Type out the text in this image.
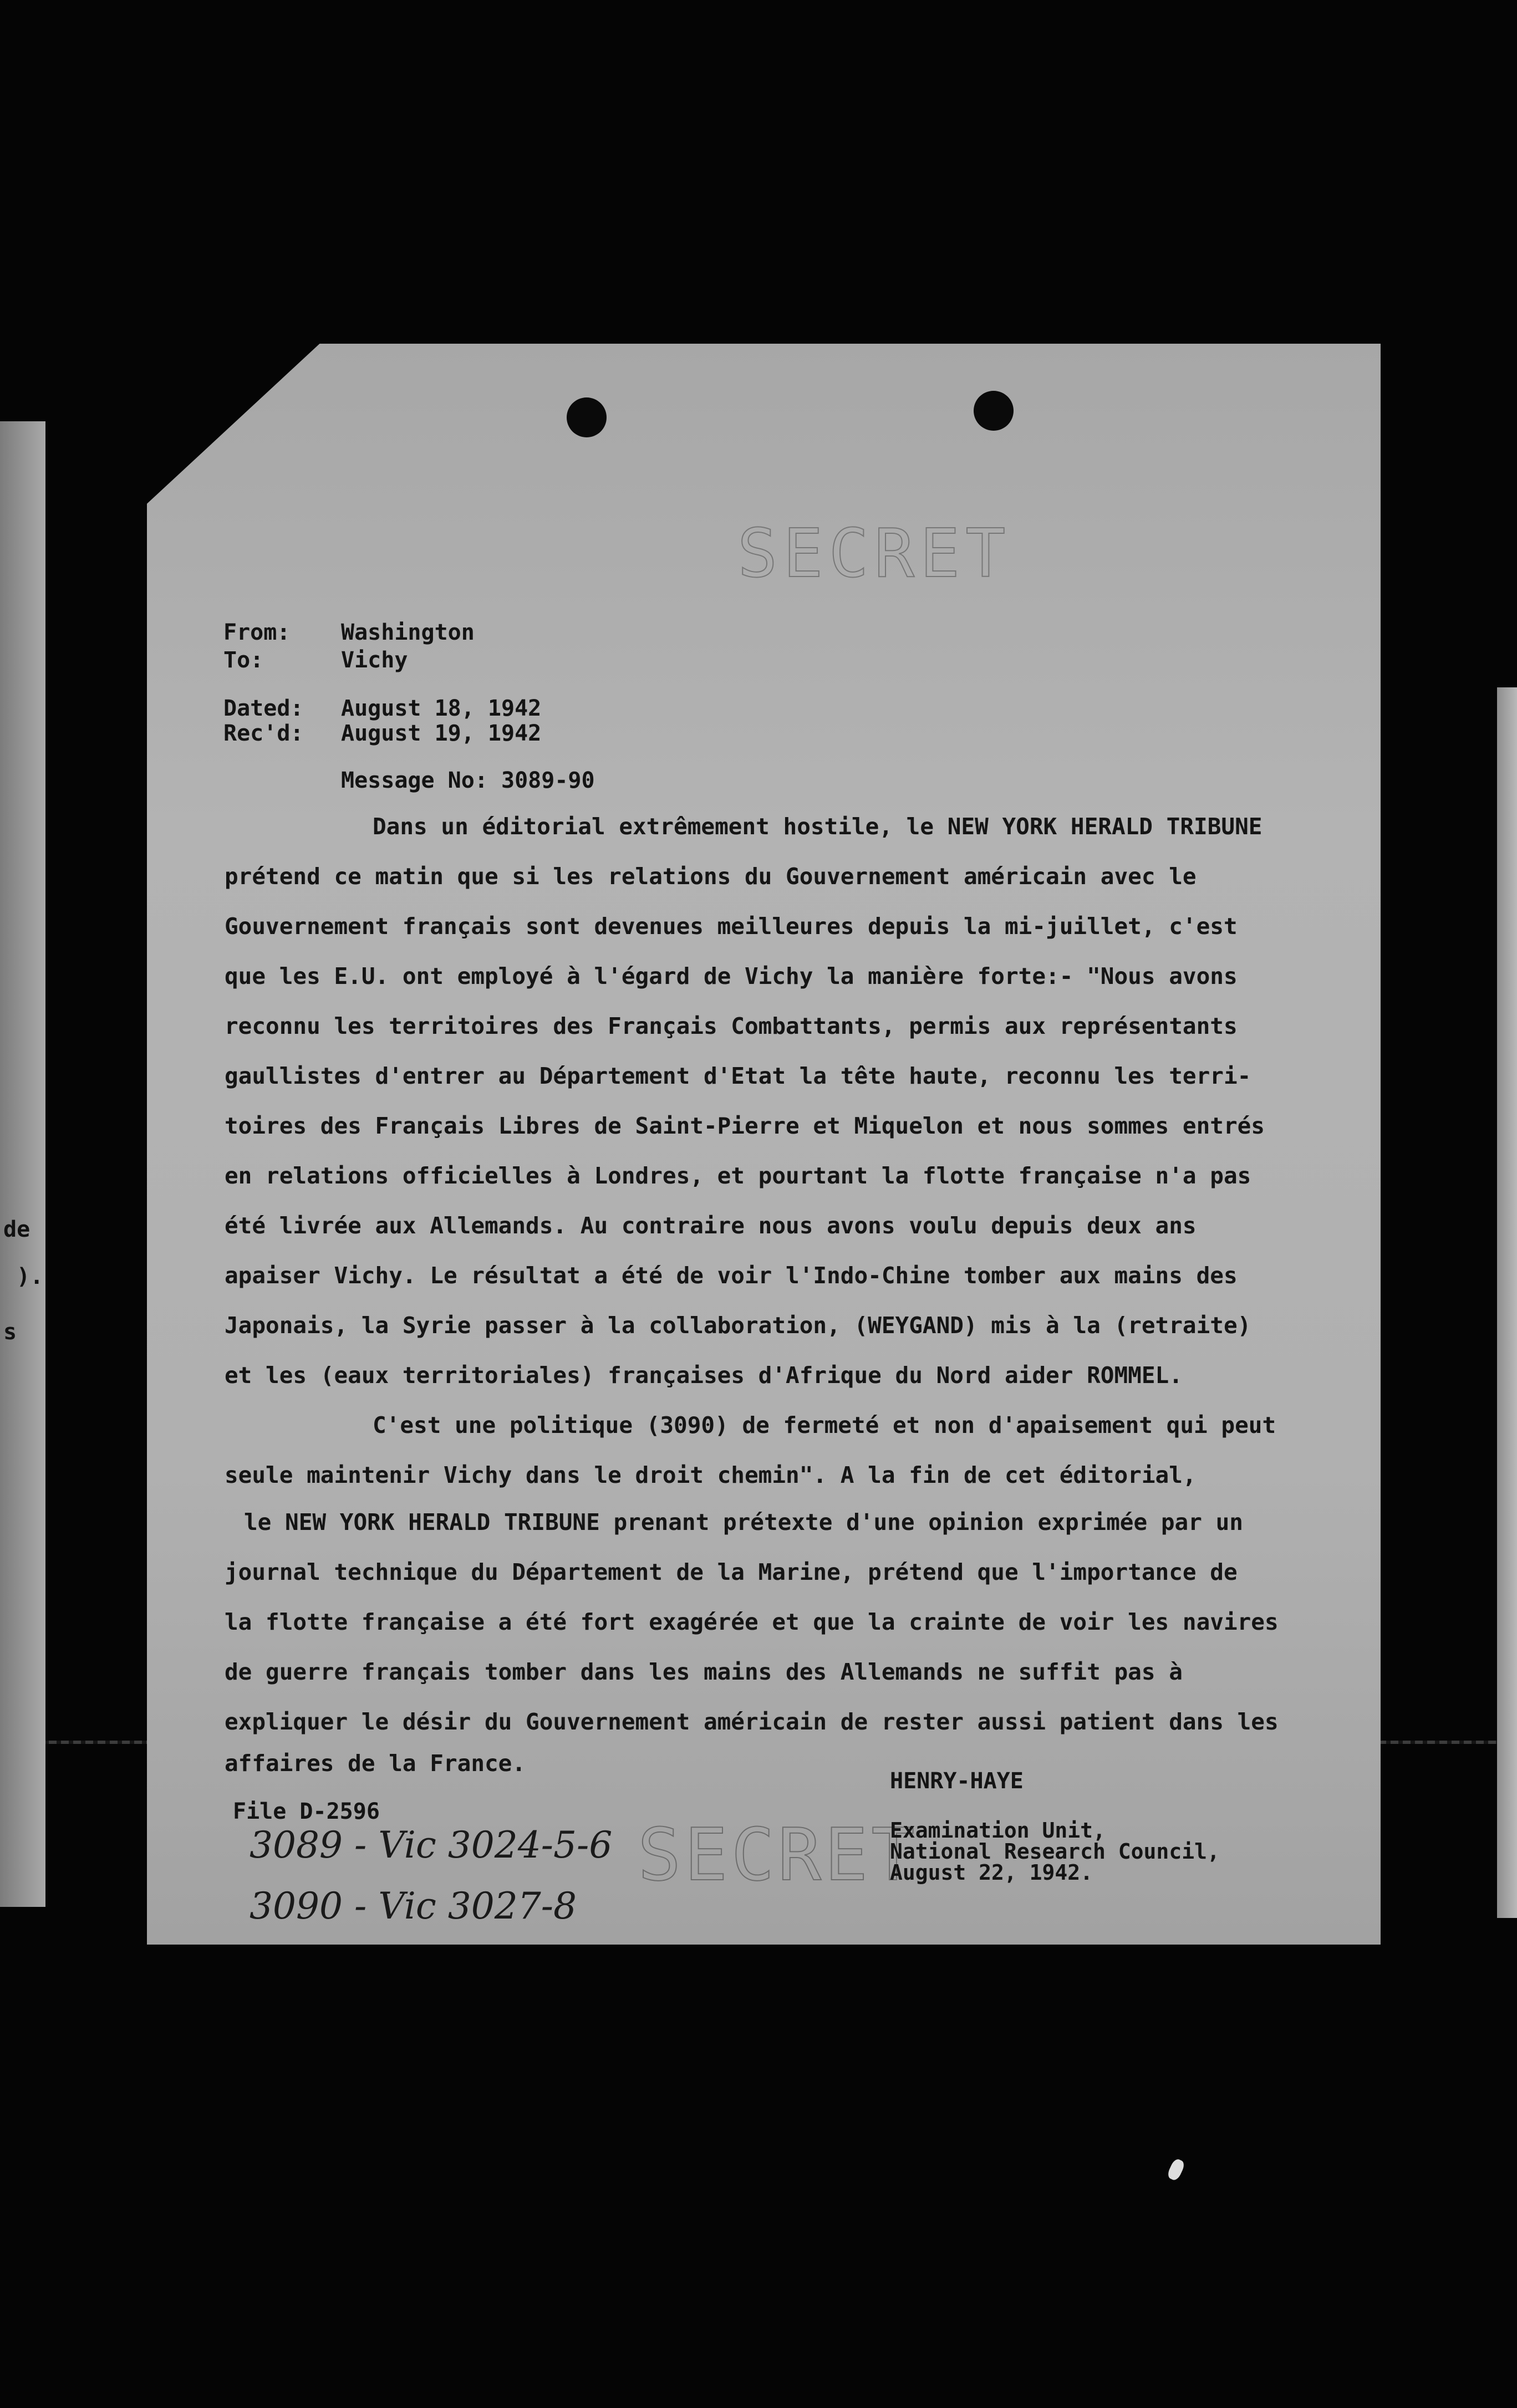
de
).
s
SECRET
From: Washington
To:	Vichy
Dated: August 18, 1942
Rec'd: August 19, 1942
Message No: 3089-90
Dans un éditorial extrêmement hostile, le NEW YORK HERALD TRIBUNE
prétend ce matin que si les relations du Gouvernement américain avec le
Gouvernement français sont devenues meilleures depuis la mi-juillet, c'est
que les E.U. ont employé à l'égard de Vichy la manière forte:- "Nous avons
reconnu les territoires des Français Combattants, permis aux représentants
gaullistes d'entrer au Département d'Etat la tête haute, reconnu les terri-
toires des Français Libres de Saint-Pierre et Miquelon et nous sommes entrés
en relations officielles à Londres, et pourtant la flotte française n'a pas
été livrée aux Allemands. Au contraire nous avons voulu depuis deux ans
apaiser Vichy. Le résultat a été de voir l'Indo-Chine tomber aux mains des
Japonais, la Syrie passer à la collaboration, (WEYGAND) mis à la (retraite)
et les (eaux territoriales) françaises d'Afrique du Nord aider ROMMEL.
C'est une politique (3090) de fermeté et non d'apaisement qui peut
seule maintenir Vichy dans le droit chemin". A la fin de cet éditorial,
le NEW YORK HERALD TRIBUNE prenant prétexte d'une opinion exprimée par un
journal technique du Département de la Marine, prétend que l'importance de
la flotte française a été fort exagérée et que la crainte de voir les navires
de guerre français tomber dans les mains des Allemands ne suffit pas à
expliquer le désir du Gouvernement américain de rester aussi patient dans les
affaires de la France.
HENRY-HAYE
File D-2596
SECRET
Examination Unit,
National Research Council,
August 22, 1942.
3089 - Vic 3024-5-6
3090 - Vic 3027-8
